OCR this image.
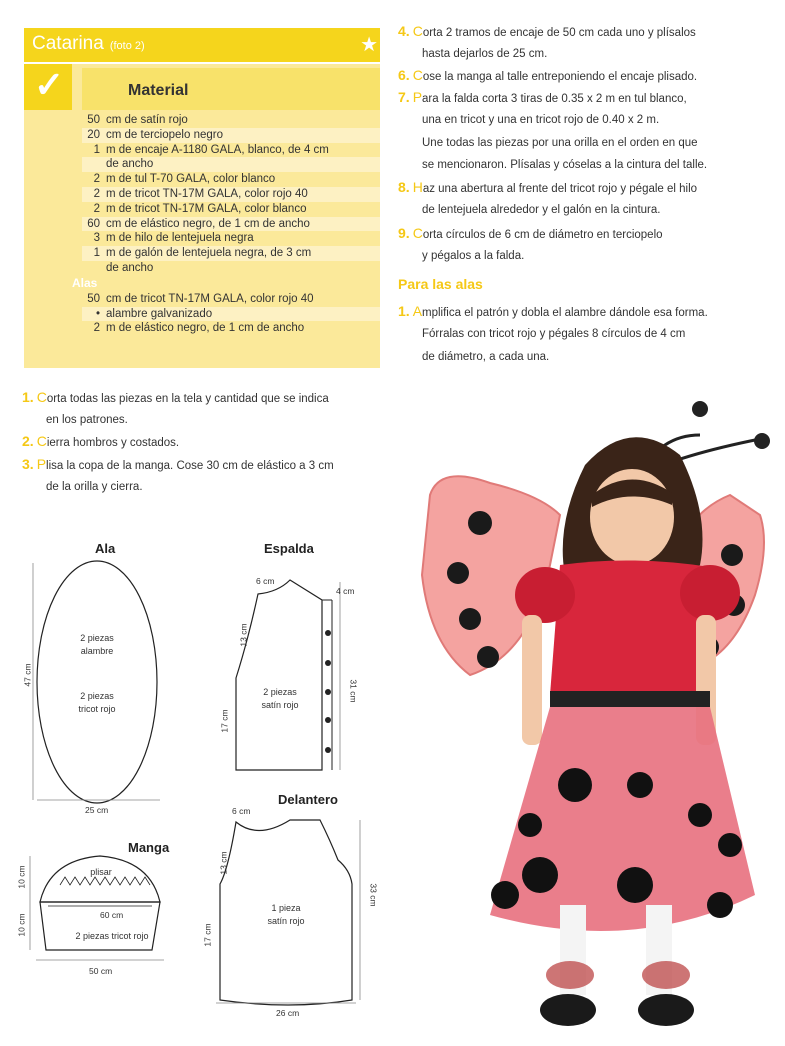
Catarina (foto 2)	★
✓	Material
50 cm de satín rojo
20 cm de terciopelo negro
1 m de encaje A-1180 GALA, blanco, de 4 cm
de ancho
2 m de tul T-70 GALA, color blanco
2 m de tricot TN-17M GALA, color rojo 40
2 m de tricot TN-17M GALA, color blanco
60 cm de elástico negro, de 1 cm de ancho
3 m de hilo de lentejuela negra
1 m de galón de lentejuela negra, de 3 cm
de ancho
Alas
50 cm de tricot TN-17M GALA, color rojo 40
• alambre galvanizado
2 m de elástico negro, de 1 cm de ancho
1. Corta todas las piezas en la tela y cantidad que se indica
en los patrones.
2. Cierra hombros y costados.
3. Plisa la copa de la manga. Cose 30 cm de elástico a 3 cm
de la orilla y cierra.
4. Corta 2 tramos de encaje de 50 cm cada uno y plísalos
hasta dejarlos de 25 cm.
6. Cose la manga al talle entreponiendo el encaje plisado.
7. Para la falda corta 3 tiras de 0.35 x 2 m en tul blanco,
una en tricot y una en tricot rojo de 0.40 x 2 m.
Une todas las piezas por una orilla en el orden en que
se mencionaron. Plísalas y cóselas a la cintura del talle.
8. Haz una abertura al frente del tricot rojo y pégale el hilo
de lentejuela alrededor y el galón en la cintura.
9. Corta círculos de 6 cm de diámetro en terciopelo
y pégalos a la falda.
Para las alas
1. Amplifica el patrón y dobla el alambre dándole esa forma.
Fórralas con tricot rojo y pégales 8 círculos de 4 cm
de diámetro, a cada una.
Ala
2 piezas
alambre
2 piezas
tricot rojo
47 cm
25 cm
Espalda
6 cm
4 cm
13 cm
31 cm
17 cm
2 piezas
satín rojo
Manga
plisar
60 cm
2 piezas tricot rojo
10 cm
10 cm
50 cm
Delantero
6 cm
13 cm
33 cm
17 cm
1 pieza
satín rojo
26 cm
